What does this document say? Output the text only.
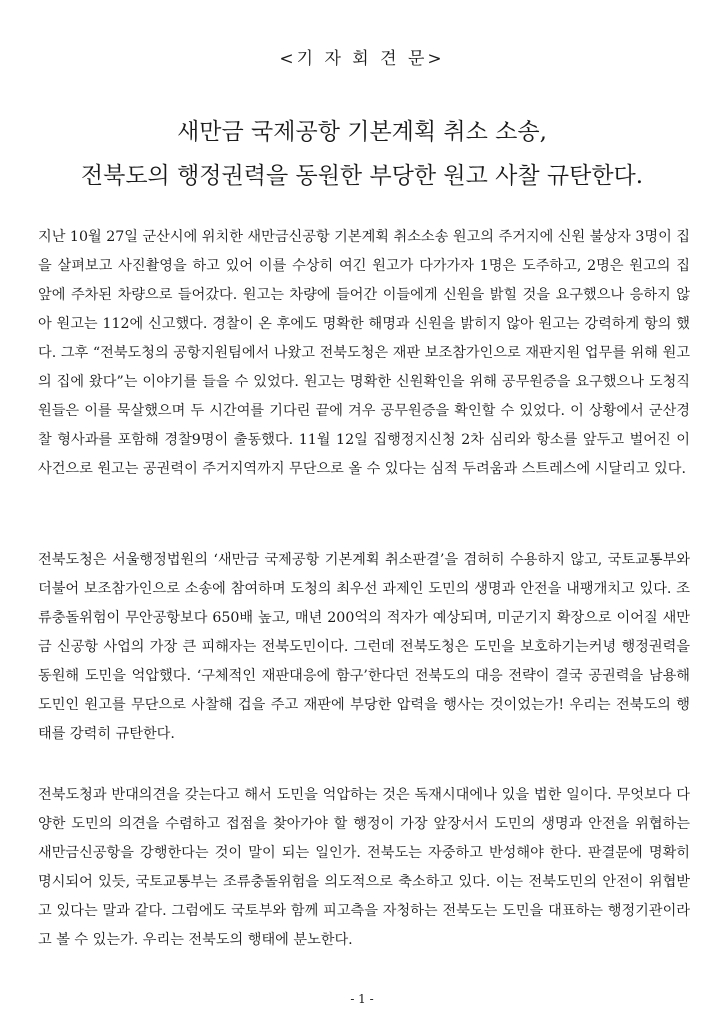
<기 자 회 견 문>
새만금 국제공항 기본계획 취소 소송,
전북도의 행정권력을 동원한 부당한 원고 사찰 규탄한다.

지난 10월 27일 군산시에 위치한 새만금신공항 기본계획 취소소송 원고의 주거지에 신원 불상자 3명이 집을 살펴보고 사진촬영을 하고 있어 이를 수상히 여긴 원고가 다가가자 1명은 도주하고, 2명은 원고의 집 앞에 주차된 차량으로 들어갔다. 원고는 차량에 들어간 이들에게 신원을 밝힐 것을 요구했으나 응하지 않아 원고는 112에 신고했다. 경찰이 온 후에도 명확한 해명과 신원을 밝히지 않아 원고는 강력하게 항의 했다. 그후 “전북도청의 공항지원팀에서 나왔고 전북도청은 재판 보조참가인으로 재판지원 업무를 위해 원고의 집에 왔다”는 이야기를 들을 수 있었다. 원고는 명확한 신원확인을 위해 공무원증을 요구했으나 도청직원들은 이를 묵살했으며 두 시간여를 기다린 끝에 겨우 공무원증을 확인할 수 있었다. 이 상황에서 군산경찰 형사과를 포함해 경찰9명이 출동했다. 11월 12일 집행정지신청 2차 심리와 항소를 앞두고 벌어진 이 사건으로 원고는 공권력이 주거지역까지 무단으로 올 수 있다는 심적 두려움과 스트레스에 시달리고 있다.

전북도청은 서울행정법원의 ‘새만금 국제공항 기본계획 취소판결’을 겸허히 수용하지 않고, 국토교통부와 더불어 보조참가인으로 소송에 참여하며 도청의 최우선 과제인 도민의 생명과 안전을 내팽개치고 있다. 조류충돌위험이 무안공항보다 650배 높고, 매년 200억의 적자가 예상되며, 미군기지 확장으로 이어질 새만금 신공항 사업의 가장 큰 피해자는 전북도민이다. 그런데 전북도청은 도민을 보호하기는커녕 행정권력을 동원해 도민을 억압했다. ‘구체적인 재판대응에 함구’한다던 전북도의 대응 전략이 결국 공권력을 남용해 도민인 원고를 무단으로 사찰해 겁을 주고 재판에 부당한 압력을 행사는 것이었는가! 우리는 전북도의 행태를 강력히 규탄한다.

전북도청과 반대의견을 갖는다고 해서 도민을 억압하는 것은 독재시대에나 있을 법한 일이다. 무엇보다 다양한 도민의 의견을 수렴하고 접점을 찾아가야 할 행정이 가장 앞장서서 도민의 생명과 안전을 위협하는 새만금신공항을 강행한다는 것이 말이 되는 일인가. 전북도는 자중하고 반성해야 한다. 판결문에 명확히 명시되어 있듯, 국토교통부는 조류충돌위험을 의도적으로 축소하고 있다. 이는 전북도민의 안전이 위협받고 있다는 말과 같다. 그럼에도 국토부와 함께 피고측을 자청하는 전북도는 도민을 대표하는 행정기관이라고 볼 수 있는가. 우리는 전북도의 행태에 분노한다.

- 1 -
